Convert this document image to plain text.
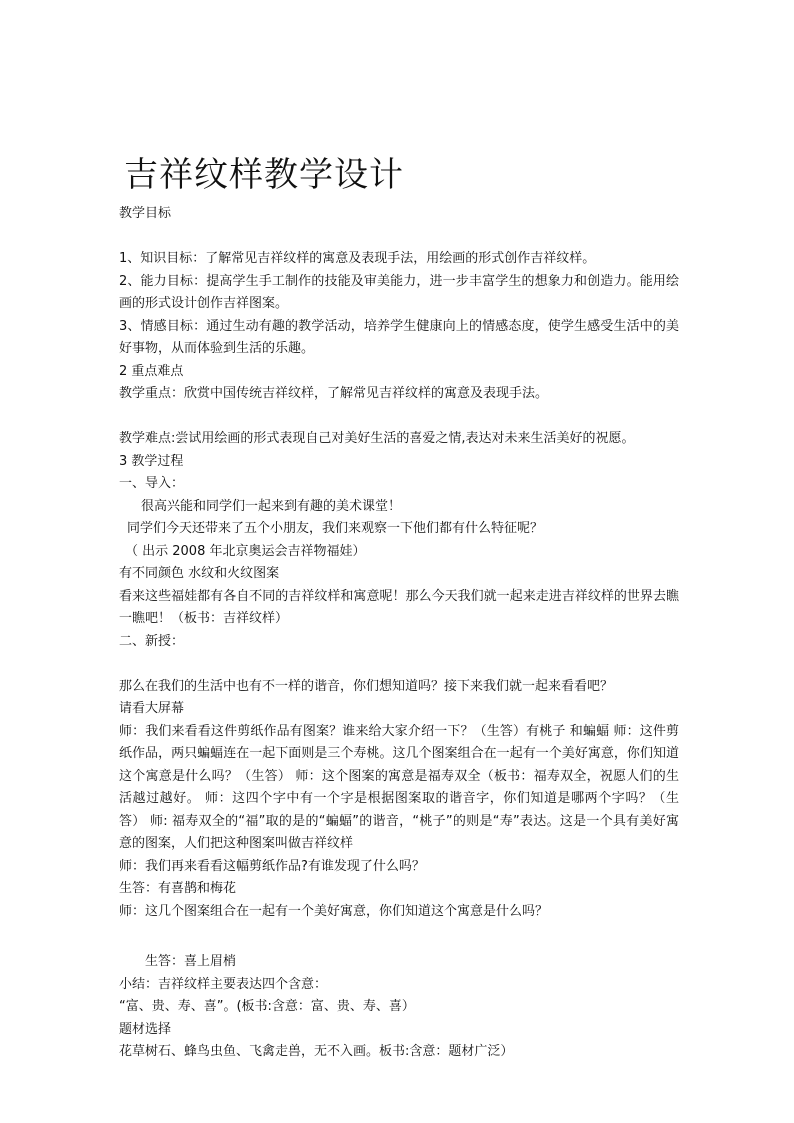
吉祥纹样教学设计

教学目标

1、知识目标：了解常见吉祥纹样的寓意及表现手法，用绘画的形式创作吉祥纹样。

2、能力目标：提高学生手工制作的技能及审美能力，进一步丰富学生的想象力和创造力。能用绘画的形式设计创作吉祥图案。

3、情感目标：通过生动有趣的教学活动，培养学生健康向上的情感态度，使学生感受生活中的美好事物，从而体验到生活的乐趣。

2 重点难点

教学重点：欣赏中国传统吉祥纹样，了解常见吉祥纹样的寓意及表现手法。

教学难点:尝试用绘画的形式表现自己对美好生活的喜爱之情,表达对未来生活美好的祝愿。

3 教学过程

一、导入：

很高兴能和同学们一起来到有趣的美术课堂！

同学们今天还带来了五个小朋友，我们来观察一下他们都有什么特征呢？

（ 出示 2008 年北京奥运会吉祥物福娃）

有不同颜色 水纹和火纹图案

看来这些福娃都有各自不同的吉祥纹样和寓意呢！那么今天我们就一起来走进吉祥纹样的世界去瞧一瞧吧！（板书：吉祥纹样）

二、新授：

那么在我们的生活中也有不一样的谐音，你们想知道吗？接下来我们就一起来看看吧？

请看大屏幕

师：我们来看看这件剪纸作品有图案？谁来给大家介绍一下？（生答）有桃子 和蝙蝠 师：这件剪纸作品，两只蝙蝠连在一起下面则是三个寿桃。这几个图案组合在一起有一个美好寓意，你们知道这个寓意是什么吗？（生答） 师：这个图案的寓意是福寿双全（板书：福寿双全，祝愿人们的生活越过越好。 师：这四个字中有一个字是根据图案取的谐音字，你们知道是哪两个字吗？（生答） 师: 福寿双全的“福”取的是的“蝙蝠”的谐音，“桃子”的则是“寿”表达。这是一个具有美好寓意的图案，人们把这种图案叫做吉祥纹样

师：我们再来看看这幅剪纸作品?有谁发现了什么吗？

生答：有喜鹊和梅花

师：这几个图案组合在一起有一个美好寓意，你们知道这个寓意是什么吗？

生答：喜上眉梢

小结：吉祥纹样主要表达四个含意：

“富、贵、寿、喜”。(板书:含意：富、贵、寿、喜）

题材选择

花草树石、蜂鸟虫鱼、飞禽走兽，无不入画。板书:含意：题材广泛）
